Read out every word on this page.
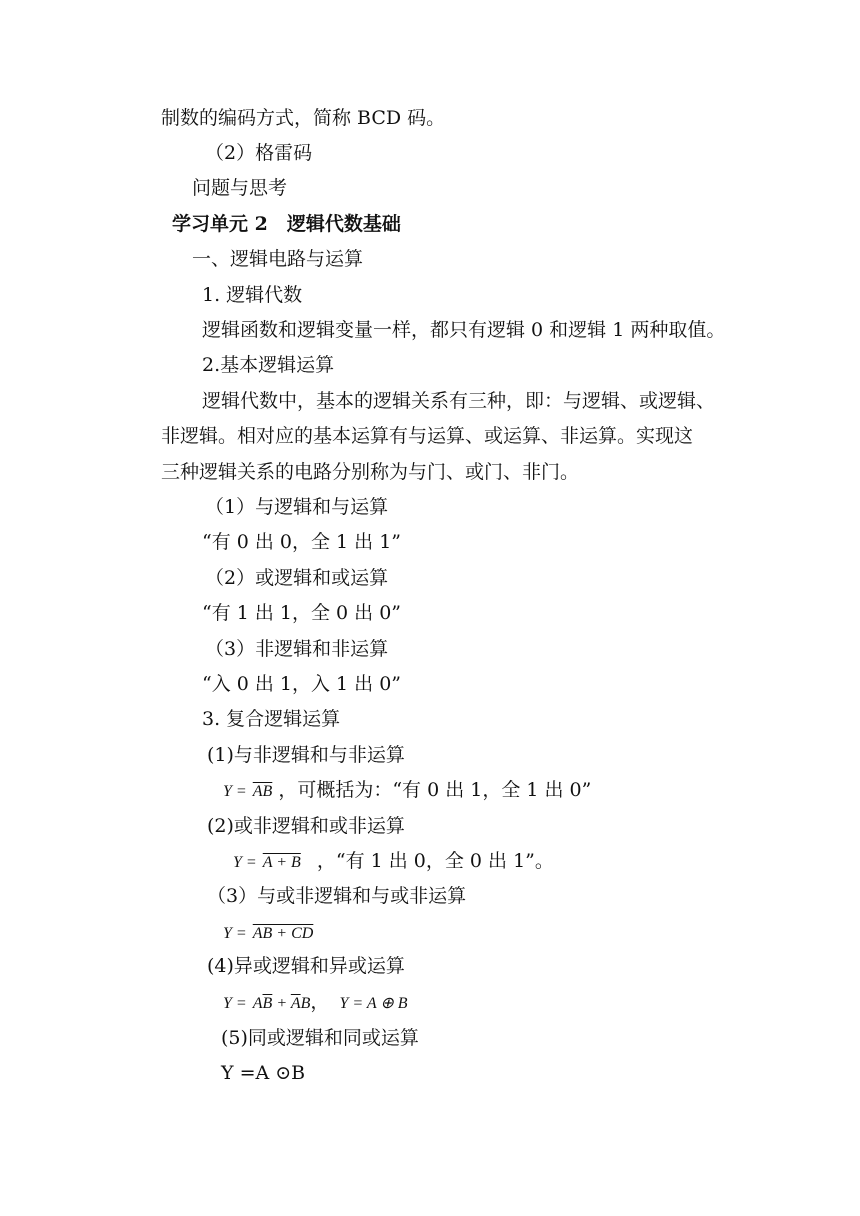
制数的编码方式，简称 BCD 码。
（2）格雷码
问题与思考
学习单元 2　逻辑代数基础
一、逻辑电路与运算
1. 逻辑代数
逻辑函数和逻辑变量一样，都只有逻辑 0 和逻辑 1 两种取值。
2.基本逻辑运算
逻辑代数中，基本的逻辑关系有三种，即：与逻辑、或逻辑、
非逻辑。相对应的基本运算有与运算、或运算、非运算。实现这
三种逻辑关系的电路分别称为与门、或门、非门。
（1）与逻辑和与运算
“有 0 出 0，全 1 出 1”
（2）或逻辑和或运算
“有 1 出 1，全 0 出 0”
（3）非逻辑和非运算
“入 0 出 1，入 1 出 0”
3. 复合逻辑运算
(1)与非逻辑和与非运算
$Y = \overline{AB}$ ，可概括为：“有 0 出 1，全 1 出 0”
(2)或非逻辑和或非运算
Y = A + B ，“有 1 出 0，全 0 出 1”。
（3）与或非逻辑和与或非运算
Y = AB + CD
(4)异或逻辑和异或运算
$Y = A\overline{B} + \overline{A}B$， Y = A ⊕ B
(5)同或逻辑和同或运算
Y =A ⊙B
